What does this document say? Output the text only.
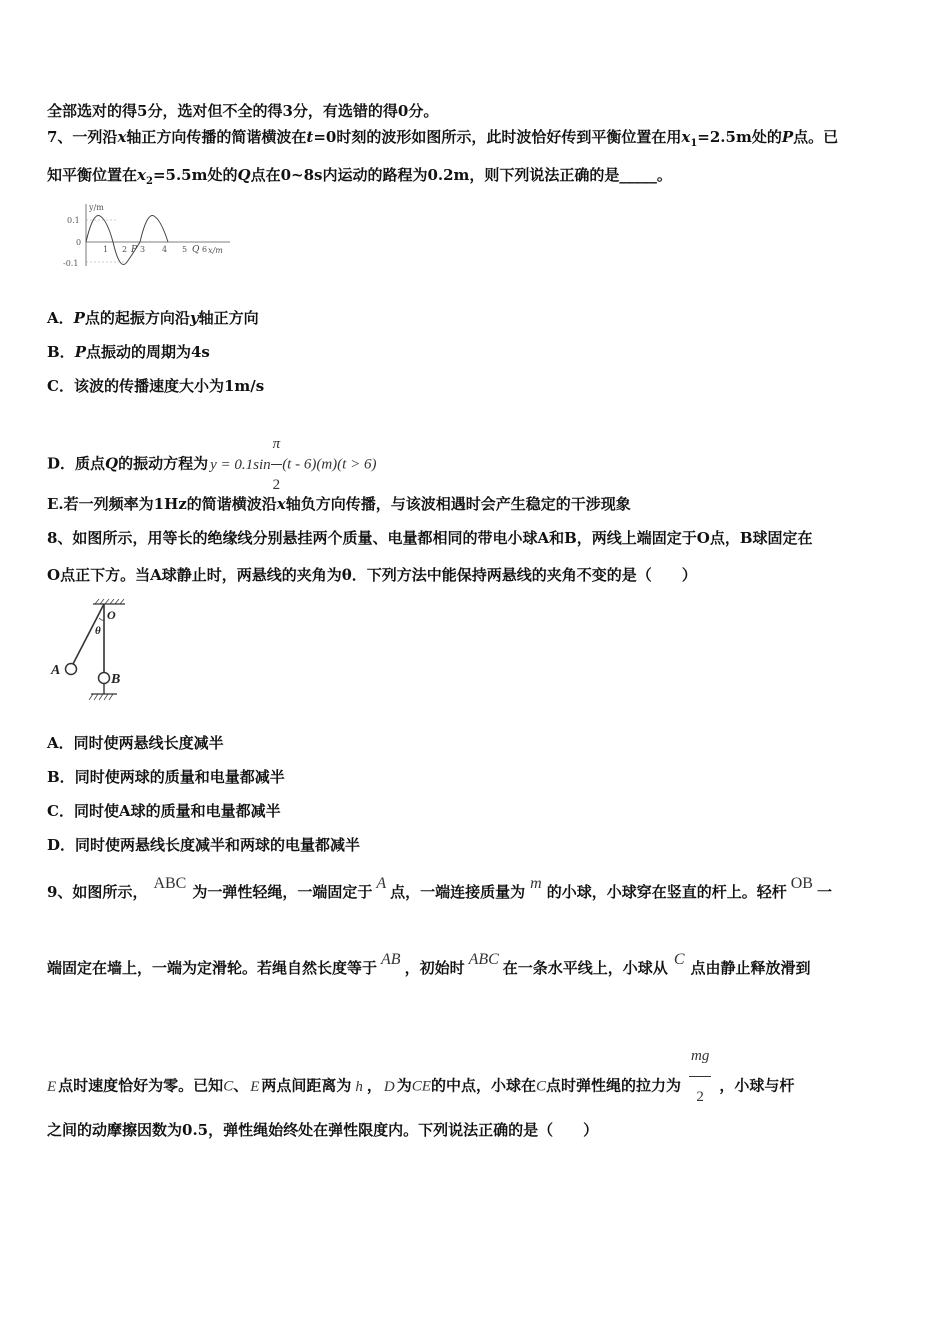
全部选对的得5分，选对但不全的得3分，有选错的得0分。
7、一列沿x轴正方向传播的简谐横波在t=0时刻的波形如图所示，此时波恰好传到平衡位置在用$x_1=2.5m$处的P点。已
知平衡位置在$x_2=5.5m$处的Q点在0~8s内运动的路程为0.2m，则下列说法正确的是_____。
y/m
x/m
0.1
0
-0.1
1 2 3 4 5 6
P	Q
A．P点的起振方向沿y轴正方向
B．P点振动的周期为4s
C．该波的传播速度大小为1m/s
D．质点Q的振动方程为 $y = 0.1\sin \frac{\pi}{2} (t - 6)(m)(t > 6)$
E.若一列频率为1Hz的简谐横波沿x轴负方向传播，与该波相遇时会产生稳定的干涉现象
8、如图所示，用等长的绝缘线分别悬挂两个质量、电量都相同的带电小球A和B，两线上端固定于O点，B球固定在
O点正下方。当A球静止时，两悬线的夹角为θ．下列方法中能保持两悬线的夹角不变的是（　　）
O
θ
A
B
A．同时使两悬线长度减半
B．同时使两球的质量和电量都减半
C．同时使A球的质量和电量都减半
D．同时使两悬线长度减半和两球的电量都减半
9、如图所示， ABC 为一弹性轻绳，一端固定于 A 点，一端连接质量为 m 的小球，小球穿在竖直的杆上。轻杆 OB 一
端固定在墙上，一端为定滑轮。若绳自然长度等于 AB ，初始时 ABC 在一条水平线上，小球从 C 点由静止释放滑到
E 点时速度恰好为零。已知C、 E 两点间距离为 h ， D 为CE的中点，小球在C点时弹性绳的拉力为 $\frac{mg}{2}$ ，小球与杆
之间的动摩擦因数为0.5，弹性绳始终处在弹性限度内。下列说法正确的是（　　）
